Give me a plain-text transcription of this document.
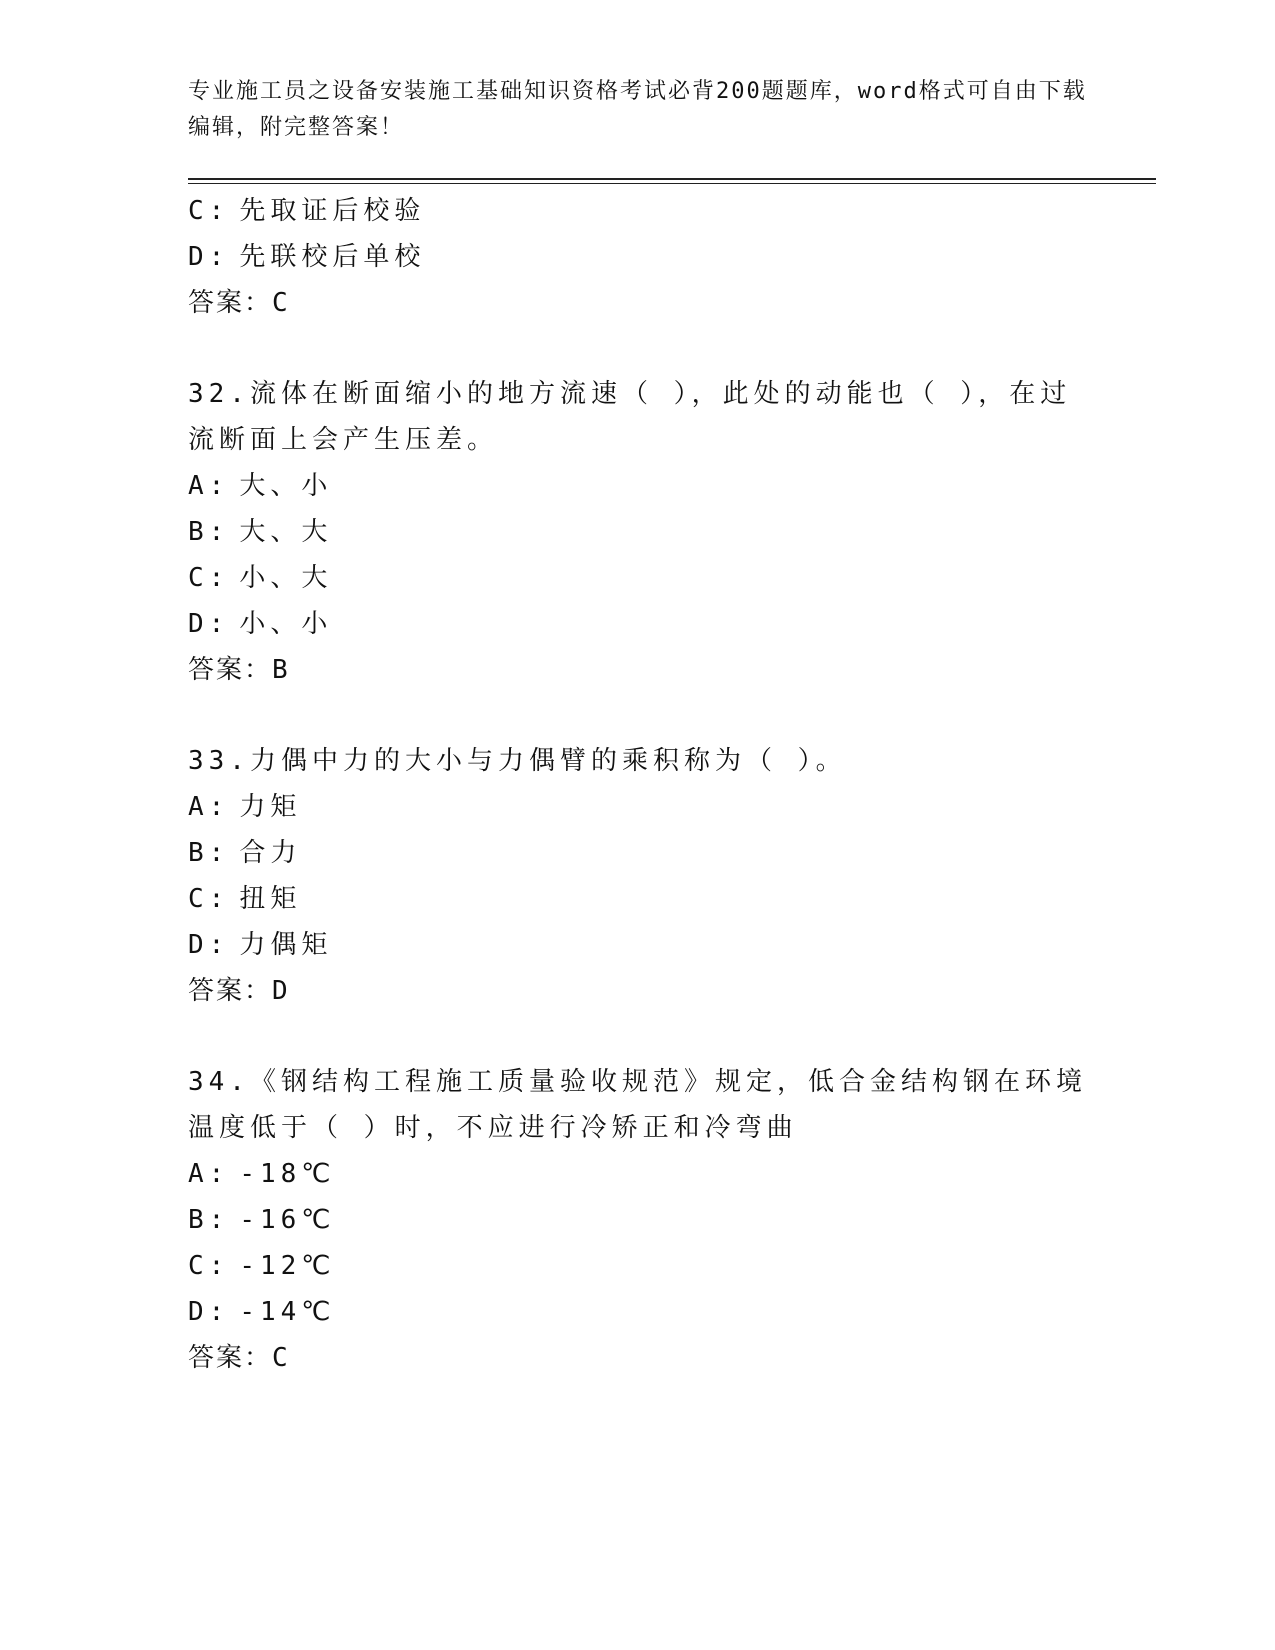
专业施工员之设备安装施工基础知识资格考试必背200题题库，word格式可自由下载编辑，附完整答案！
C: 先取证后校验
D: 先联校后单校
答案：C
32.流体在断面缩小的地方流速（ ），此处的动能也（ ），在过流断面上会产生压差。
A: 大、小
B: 大、大
C: 小、大
D: 小、小
答案：B
33.力偶中力的大小与力偶臂的乘积称为（ ）。
A: 力矩
B: 合力
C: 扭矩
D: 力偶矩
答案：D
34.《钢结构工程施工质量验收规范》规定，低合金结构钢在环境温度低于（ ）时，不应进行冷矫正和冷弯曲
A: -18℃
B: -16℃
C: -12℃
D: -14℃
答案：C
